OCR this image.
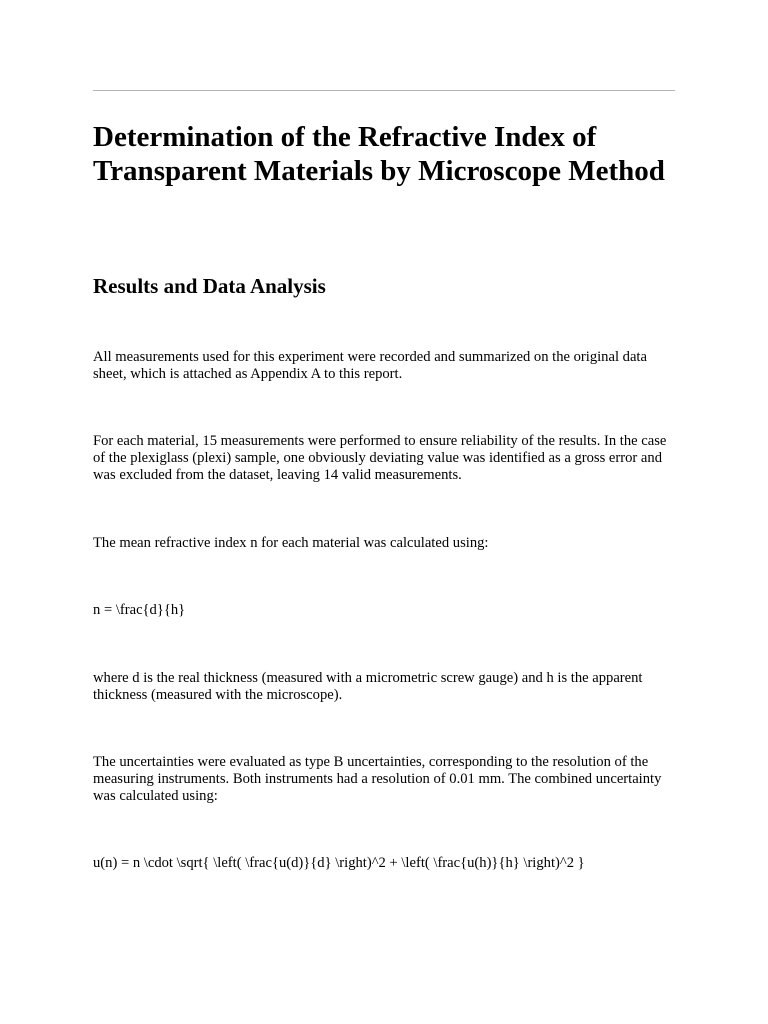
Determination of the Refractive Index of Transparent Materials by Microscope Method
Results and Data Analysis

All measurements used for this experiment were recorded and summarized on the original data sheet, which is attached as Appendix A to this report.

For each material, 15 measurements were performed to ensure reliability of the results. In the case of the plexiglass (plexi) sample, one obviously deviating value was identified as a gross error and was excluded from the dataset, leaving 14 valid measurements.

The mean refractive index n for each material was calculated using:

n = \frac{d}{h}

where d is the real thickness (measured with a micrometric screw gauge) and h is the apparent thickness (measured with the microscope).

The uncertainties were evaluated as type B uncertainties, corresponding to the resolution of the measuring instruments. Both instruments had a resolution of 0.01 mm. The combined uncertainty was calculated using:

u(n) = n \cdot \sqrt{ \left( \frac{u(d)}{d} \right)^2 + \left( \frac{u(h)}{h} \right)^2 }
